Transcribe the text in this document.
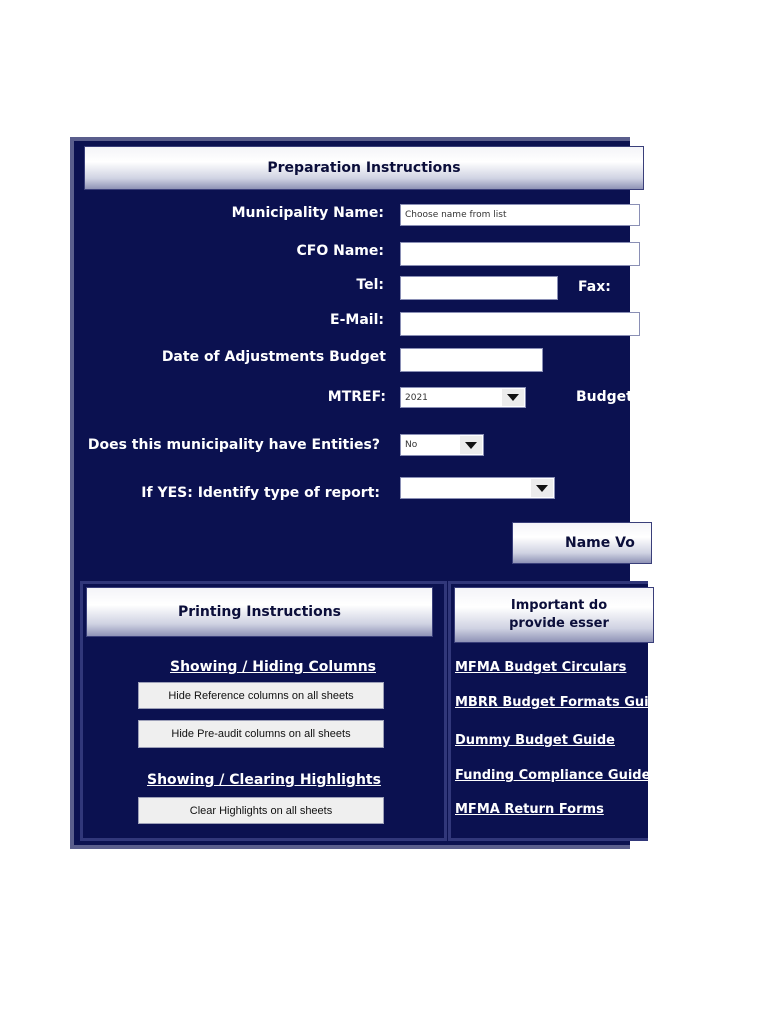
Preparation Instructions
Municipality Name:	Choose name from list
CFO Name:
Tel:	Fax:
E-Mail:
Date of Adjustments Budget
MTREF: 2021	Budget Y
Does this municipality have Entities?	No
If YES: Identify type of report:
Name Vo
Printing Instructions
Showing / Hiding Columns
Hide Reference columns on all sheets
Hide Pre-audit columns on all sheets
Showing / Clearing Highlights
Clear Highlights on all sheets
Important do
provide esser
MFMA Budget Circulars
MBRR Budget Formats Guid
Dummy Budget Guide
Funding Compliance Guide
MFMA Return Forms
